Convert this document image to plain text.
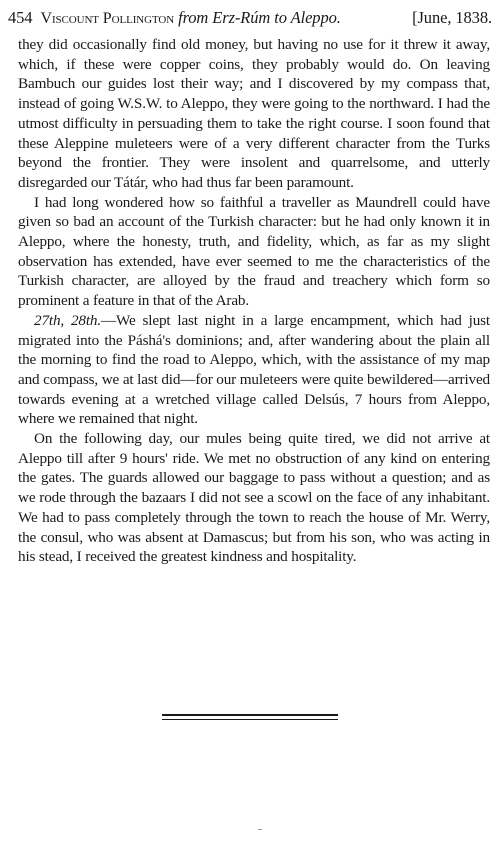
454 Viscount Pollington from Erz-Rúm to Aleppo.	[June, 1838.

they did occasionally find old money, but having no use for it threw it away, which, if these were copper coins, they probably would do. On leaving Bambuch our guides lost their way; and I discovered by my compass that, instead of going W.S.W. to Aleppo, they were going to the northward. I had the utmost difficulty in persuading them to take the right course. I soon found that these Aleppine muleteers were of a very different character from the Turks beyond the frontier. They were insolent and quarrelsome, and utterly disregarded our Tátár, who had thus far been paramount.

I had long wondered how so faithful a traveller as Maundrell could have given so bad an account of the Turkish character: but he had only known it in Aleppo, where the honesty, truth, and fidelity, which, as far as my slight observation has extended, have ever seemed to me the characteristics of the Turkish character, are alloyed by the fraud and treachery which form so prominent a feature in that of the Arab.

27th, 28th.—We slept last night in a large encampment, which had just migrated into the Páshá's dominions; and, after wandering about the plain all the morning to find the road to Aleppo, which, with the assistance of my map and compass, we at last did—for our muleteers were quite bewildered—arrived towards evening at a wretched village called Delsús, 7 hours from Aleppo, where we remained that night.

On the following day, our mules being quite tired, we did not arrive at Aleppo till after 9 hours' ride. We met no obstruction of any kind on entering the gates. The guards allowed our baggage to pass without a question; and as we rode through the bazaars I did not see a scowl on the face of any inhabitant. We had to pass completely through the town to reach the house of Mr. Werry, the consul, who was absent at Damascus; but from his son, who was acting in his stead, I received the greatest kindness and hospitality.
